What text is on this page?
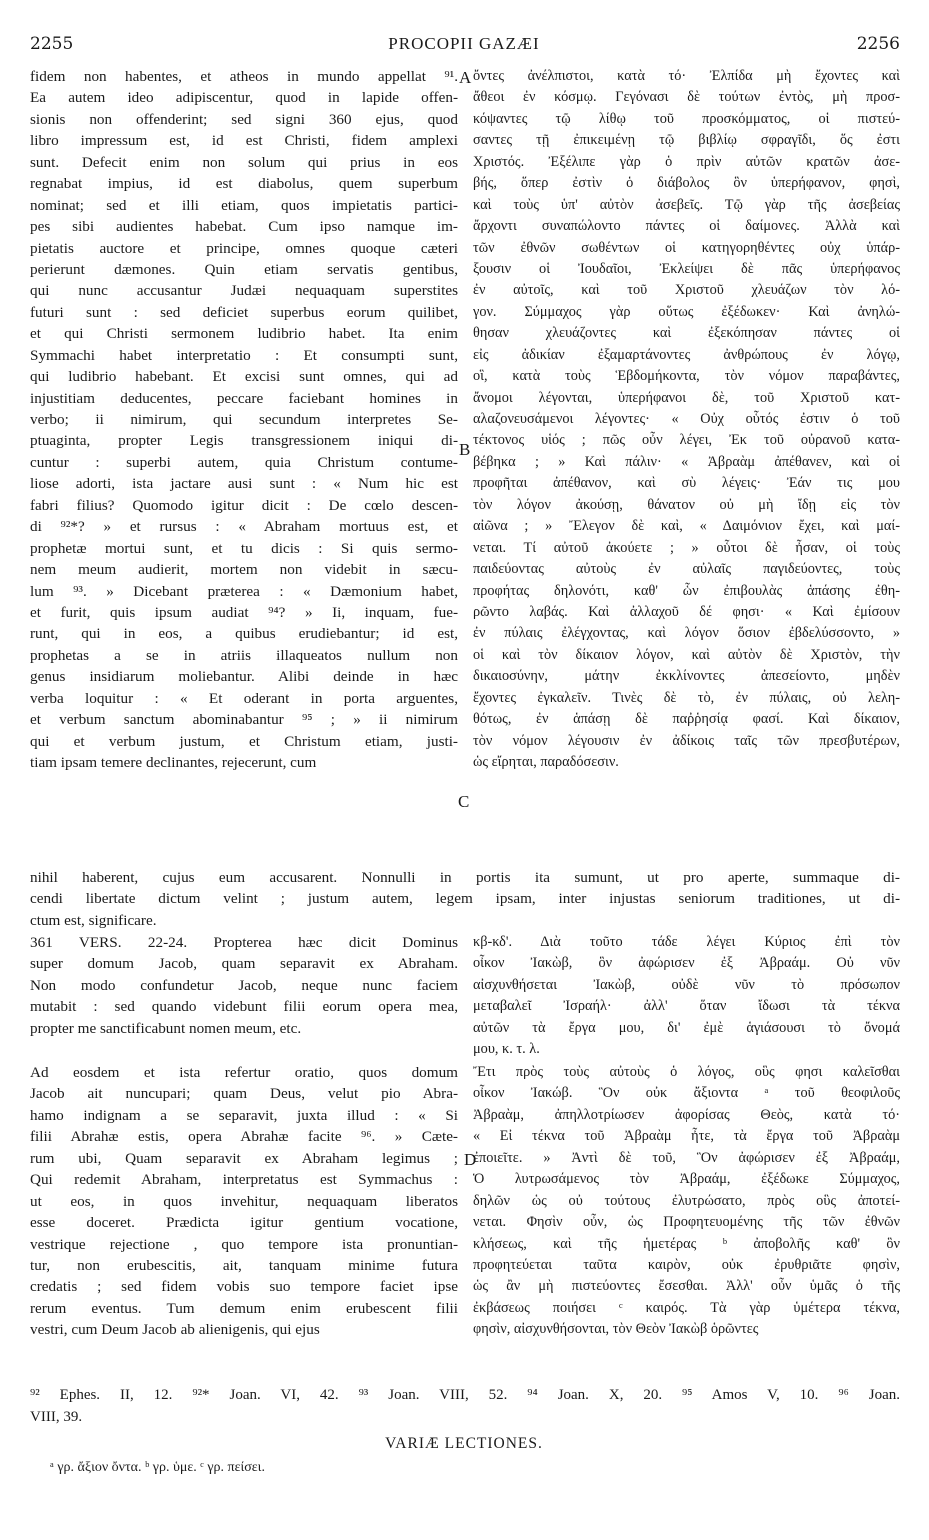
2255	PROCOPII GAZÆI	2256
fidem non habentes, et atheos in mundo appellat ⁹¹.
Ea autem ideo adipiscentur, quod in lapide offen-
sionis non offenderint; sed signi 360 ejus, quod
libro impressum est, id est Christi, fidem amplexi
sunt. Defecit enim non solum qui prius in eos
regnabat impius, id est diabolus, quem superbum
nominat; sed et illi etiam, quos impietatis partici-
pes sibi audientes habebat. Cum ipso namque im-
pietatis auctore et principe, omnes quoque cæteri
perierunt dæmones. Quin etiam servatis gentibus,
qui nunc accusantur Judæi nequaquam superstites
futuri sunt : sed deficiet superbus eorum quilibet,
et qui Christi sermonem ludibrio habet. Ita enim
Symmachi habet interpretatio : Et consumpti sunt,
qui ludibrio habebant. Et excisi sunt omnes, qui ad
injustitiam deducentes, peccare faciebant homines in
verbo; ii nimirum, qui secundum interpretes Se-
ptuaginta, propter Legis transgressionem iniqui di-
cuntur : superbi autem, quia Christum contume-
liose adorti, ista jactare ausi sunt : « Num hic est
fabri filius? Quomodo igitur dicit : De cœlo descen-
di ⁹²*? » et rursus : « Abraham mortuus est, et
prophetæ mortui sunt, et tu dicis : Si quis sermo-
nem meum audierit, mortem non videbit in sæcu-
lum ⁹³. » Dicebant præterea : « Dæmonium habet,
et furit, quis ipsum audiat ⁹⁴? » Ii, inquam, fue-
runt, qui in eos, a quibus erudiebantur; id est,
prophetas a se in atriis illaqueatos nullum non
genus insidiarum moliebantur. Alibi deinde in hæc
verba loquitur : « Et oderant in porta arguentes,
et verbum sanctum abominabantur ⁹⁵ ; » ii nimirum
qui et verbum justum, et Christum etiam, justi-
tiam ipsam temere declinantes, rejecerunt, cum
ὄντες ἀνέλπιστοι, κατὰ τό· Ἐλπίδα μὴ ἔχοντες καὶ
ἄθεοι ἐν κόσμῳ. Γεγόνασι δὲ τούτων ἐντὸς, μὴ προσ-
κόψαντες τῷ λίθῳ τοῦ προσκόμματος, οἱ πιστεύ-
σαντες τῇ ἐπικειμένῃ τῷ βιβλίῳ σφραγῖδι, ὅς ἐστι
Χριστός. Ἐξέλιπε γὰρ ὁ πρὶν αὐτῶν κρατῶν ἀσε-
βής, ὅπερ ἐστὶν ὁ διάβολος ὃν ὑπερήφανον, φησὶ,
καὶ τοὺς ὑπ' αὐτὸν ἀσεβεῖς. Τῷ γὰρ τῆς ἀσεβείας
ἄρχοντι συναπώλοντο πάντες οἱ δαίμονες. Ἀλλὰ καὶ
τῶν ἐθνῶν σωθέντων οἱ κατηγορηθέντες οὐχ ὑπάρ-
ξουσιν οἱ Ἰουδαῖοι, Ἐκλείψει δὲ πᾶς ὑπερήφανος
ἐν αὐτοῖς, καὶ τοῦ Χριστοῦ χλευάζων τὸν λό-
γον. Σύμμαχος γὰρ οὕτως ἐξέδωκεν· Καὶ ἀνηλώ-
θησαν χλευάζοντες καὶ ἐξεκόπησαν πάντες οἱ
εἰς ἀδικίαν ἐξαμαρτάνοντες ἀνθρώπους ἐν λόγῳ,
οἳ, κατὰ τοὺς Ἑβδομήκοντα, τὸν νόμον παραβάντες,
ἄνομοι λέγονται, ὑπερήφανοι δὲ, τοῦ Χριστοῦ κατ-
αλαζονευσάμενοι λέγοντες· « Οὐχ οὗτός ἐστιν ὁ τοῦ
τέκτονος υἱός ; πῶς οὖν λέγει, Ἐκ τοῦ οὐρανοῦ κατα-
βέβηκα ; » Καὶ πάλιν· « Ἀβραὰμ ἀπέθανεν, καὶ οἱ
προφῆται ἀπέθανον, καὶ σὺ λέγεις· Ἐάν τις μου
τὸν λόγον ἀκούσῃ, θάνατον οὐ μὴ ἴδῃ εἰς τὸν
αἰῶνα ; » Ἔλεγον δὲ καὶ, « Δαιμόνιον ἔχει, καὶ μαί-
νεται. Τί αὐτοῦ ἀκούετε ; » οὗτοι δὲ ἦσαν, οἱ τοὺς
παιδεύοντας αὐτοὺς ἐν αὐλαῖς παγιδεύοντες, τοὺς
προφήτας δηλονότι, καθ' ὧν ἐπιβουλὰς ἁπάσης ἐθη-
ρῶντο λαβάς. Καὶ ἀλλαχοῦ δέ φησι· « Καὶ ἐμίσουν
ἐν πύλαις ἐλέγχοντας, καὶ λόγον ὅσιον ἐβδελύσσοντο, »
οἱ καὶ τὸν δίκαιον λόγον, καὶ αὐτὸν δὲ Χριστὸν, τὴν
δικαιοσύνην, μάτην ἐκκλίνοντες ἀπεσείοντο, μηδὲν
ἔχοντες ἐγκαλεῖν. Τινὲς δὲ τὸ, ἐν πύλαις, οὐ λελη-
θότως, ἐν ἁπάσῃ δὲ παῤῥησίᾳ φασί. Καὶ δίκαιον,
τὸν νόμον λέγουσιν ἐν ἀδίκοις ταῖς τῶν πρεσβυτέρων,
ὡς εἴρηται, παραδόσεσιν.
A
B
C
D
nihil haberent, cujus eum accusarent. Nonnulli in portis ita sumunt, ut pro aperte, summaque di-
cendi libertate dictum velint ; justum autem, legem ipsam, inter injustas seniorum traditiones, ut di-
ctum est, significare.
361 VERS. 22-24. Propterea hæc dicit Dominus
super domum Jacob, quam separavit ex Abraham.
Non modo confundetur Jacob, neque nunc faciem
mutabit : sed quando videbunt filii eorum opera mea,
propter me sanctificabunt nomen meum, etc.
κβ-κδ'. Διὰ τοῦτο τάδε λέγει Κύριος ἐπὶ τὸν
οἶκον Ἰακὼβ, ὃν ἀφώρισεν ἐξ Ἀβραάμ. Οὐ νῦν
αἰσχυνθήσεται Ἰακὼβ, οὐδὲ νῦν τὸ πρόσωπον
μεταβαλεῖ Ἰσραήλ· ἀλλ' ὅταν ἴδωσι τὰ τέκνα
αὐτῶν τὰ ἔργα μου, δι' ἐμὲ ἁγιάσουσι τὸ ὄνομά
μου, κ. τ. λ.
Ad eosdem et ista refertur oratio, quos domum
Jacob ait nuncupari; quam Deus, velut pio Abra-
hamo indignam a se separavit, juxta illud : « Si
filii Abrahæ estis, opera Abrahæ facite ⁹⁶. » Cæte-
rum ubi, Quam separavit ex Abraham legimus ;
Qui redemit Abraham, interpretatus est Symmachus :
ut eos, in quos invehitur, nequaquam liberatos
esse doceret. Prædicta igitur gentium vocatione,
vestrique rejectione , quo tempore ista pronuntian-
tur, non erubescitis, ait, tanquam minime futura
credatis ; sed fidem vobis suo tempore faciet ipse
rerum eventus. Tum demum enim erubescent filii
vestri, cum Deum Jacob ab alienigenis, qui ejus
Ἔτι πρὸς τοὺς αὐτοὺς ὁ λόγος, οὓς φησι καλεῖσθαι
οἶκον Ἰακώβ. Ὃν οὐκ ἄξιοντα ᵃ τοῦ θεοφιλοῦς
Ἀβραὰμ, ἀπηλλοτρίωσεν ἀφορίσας Θεὸς, κατὰ τό·
« Εἰ τέκνα τοῦ Ἀβραὰμ ἦτε, τὰ ἔργα τοῦ Ἀβραὰμ
ἐποιεῖτε. » Ἀντὶ δὲ τοῦ, Ὃν ἀφώρισεν ἐξ Ἀβραάμ,
Ὁ λυτρωσάμενος τὸν Ἀβραάμ, ἐξέδωκε Σύμμαχος,
δηλῶν ὡς οὐ τούτους ἐλυτρώσατο, πρὸς οὓς ἀποτεί-
νεται. Φησὶν οὖν, ὡς Προφητευομένης τῆς τῶν ἐθνῶν
κλήσεως, καὶ τῆς ἡμετέρας ᵇ ἀποβολῆς καθ' ὃν
προφητεύεται ταῦτα καιρὸν, οὐκ ἐρυθριᾶτε φησὶν,
ὡς ἂν μὴ πιστεύοντες ἔσεσθαι. Ἀλλ' οὖν ὑμᾶς ὁ τῆς
ἐκβάσεως ποιήσει ᶜ καιρός. Τὰ γὰρ ὑμέτερα τέκνα,
φησὶν, αἰσχυνθήσονται, τὸν Θεὸν Ἰακὼβ ὁρῶντες
⁹² Ephes. II, 12. ⁹²* Joan. VI, 42. ⁹³ Joan. VIII, 52. ⁹⁴ Joan. X, 20. ⁹⁵ Amos V, 10. ⁹⁶ Joan.
VIII, 39.
VARIÆ LECTIONES.
ᵃ γρ. ἄξιον ὄντα. ᵇ γρ. ὑμε. ᶜ γρ. πείσει.
